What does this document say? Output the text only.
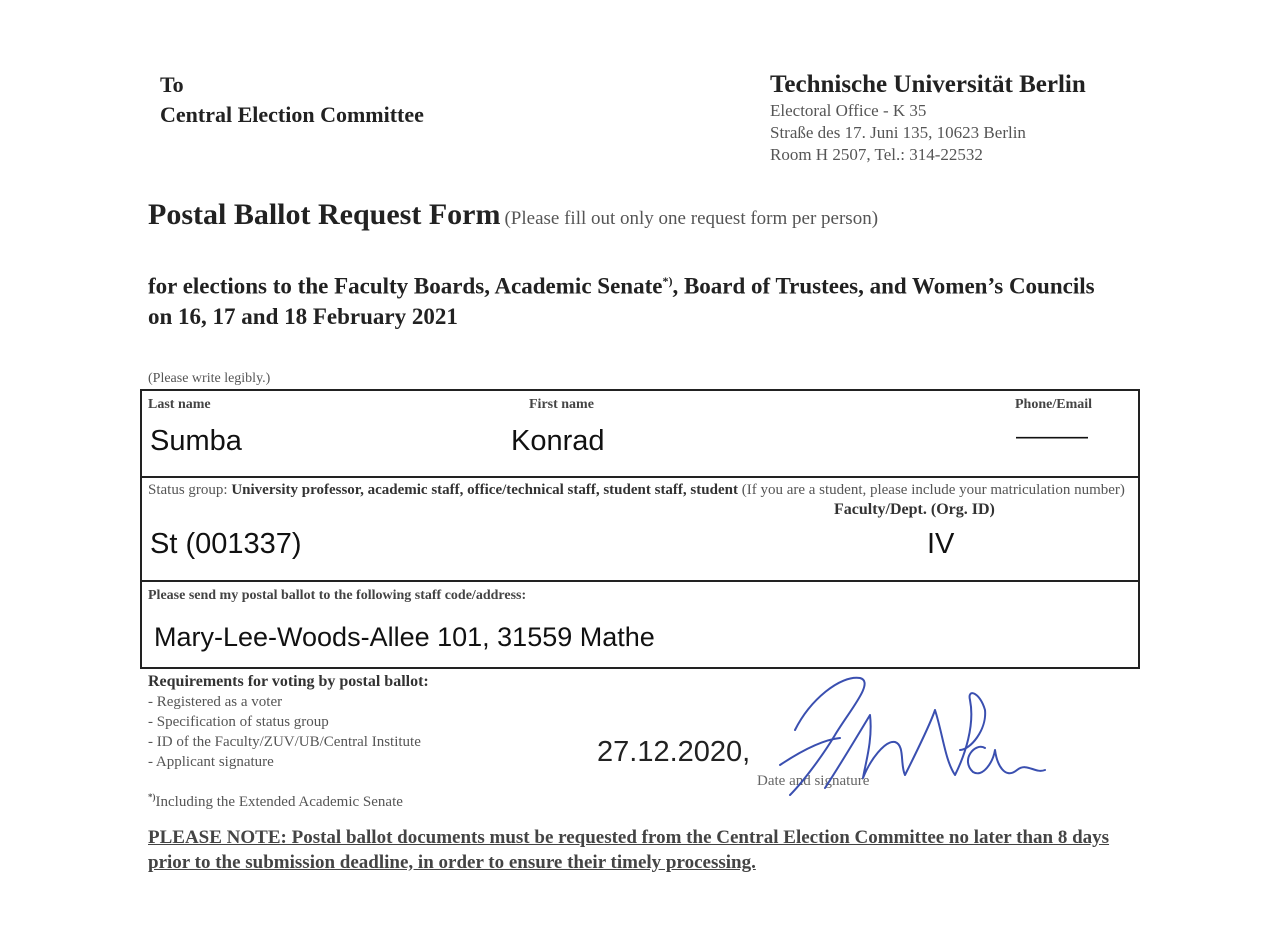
To
Central Election Committee
Technische Universität Berlin
Electoral Office - K 35
Straße des 17. Juni 135, 10623 Berlin
Room H 2507, Tel.: 314-22532
Postal Ballot Request Form (Please fill out only one request form per person)
for elections to the Faculty Boards, Academic Senate*), Board of Trustees, and Women’s Councils
on 16, 17 and 18 February 2021
(Please write legibly.)
Last name
Sumba
First name
Konrad
Phone/Email
———
Status group: University professor, academic staff, office/technical staff, student staff, student (If you are a student, please include your matriculation number)
Faculty/Dept. (Org. ID)
St (001337)	IV
Please send my postal ballot to the following staff code/address:
Mary-Lee-Woods-Allee 101, 31559 Mathe
Requirements for voting by postal ballot:
- Registered as a voter
- Specification of status group
- ID of the Faculty/ZUV/UB/Central Institute
- Applicant signature
*)Including the Extended Academic Senate
27.12.2020,
Date and signature
PLEASE NOTE: Postal ballot documents must be requested from the Central Election Committee no later than 8 days prior to the submission deadline, in order to ensure their timely processing.
